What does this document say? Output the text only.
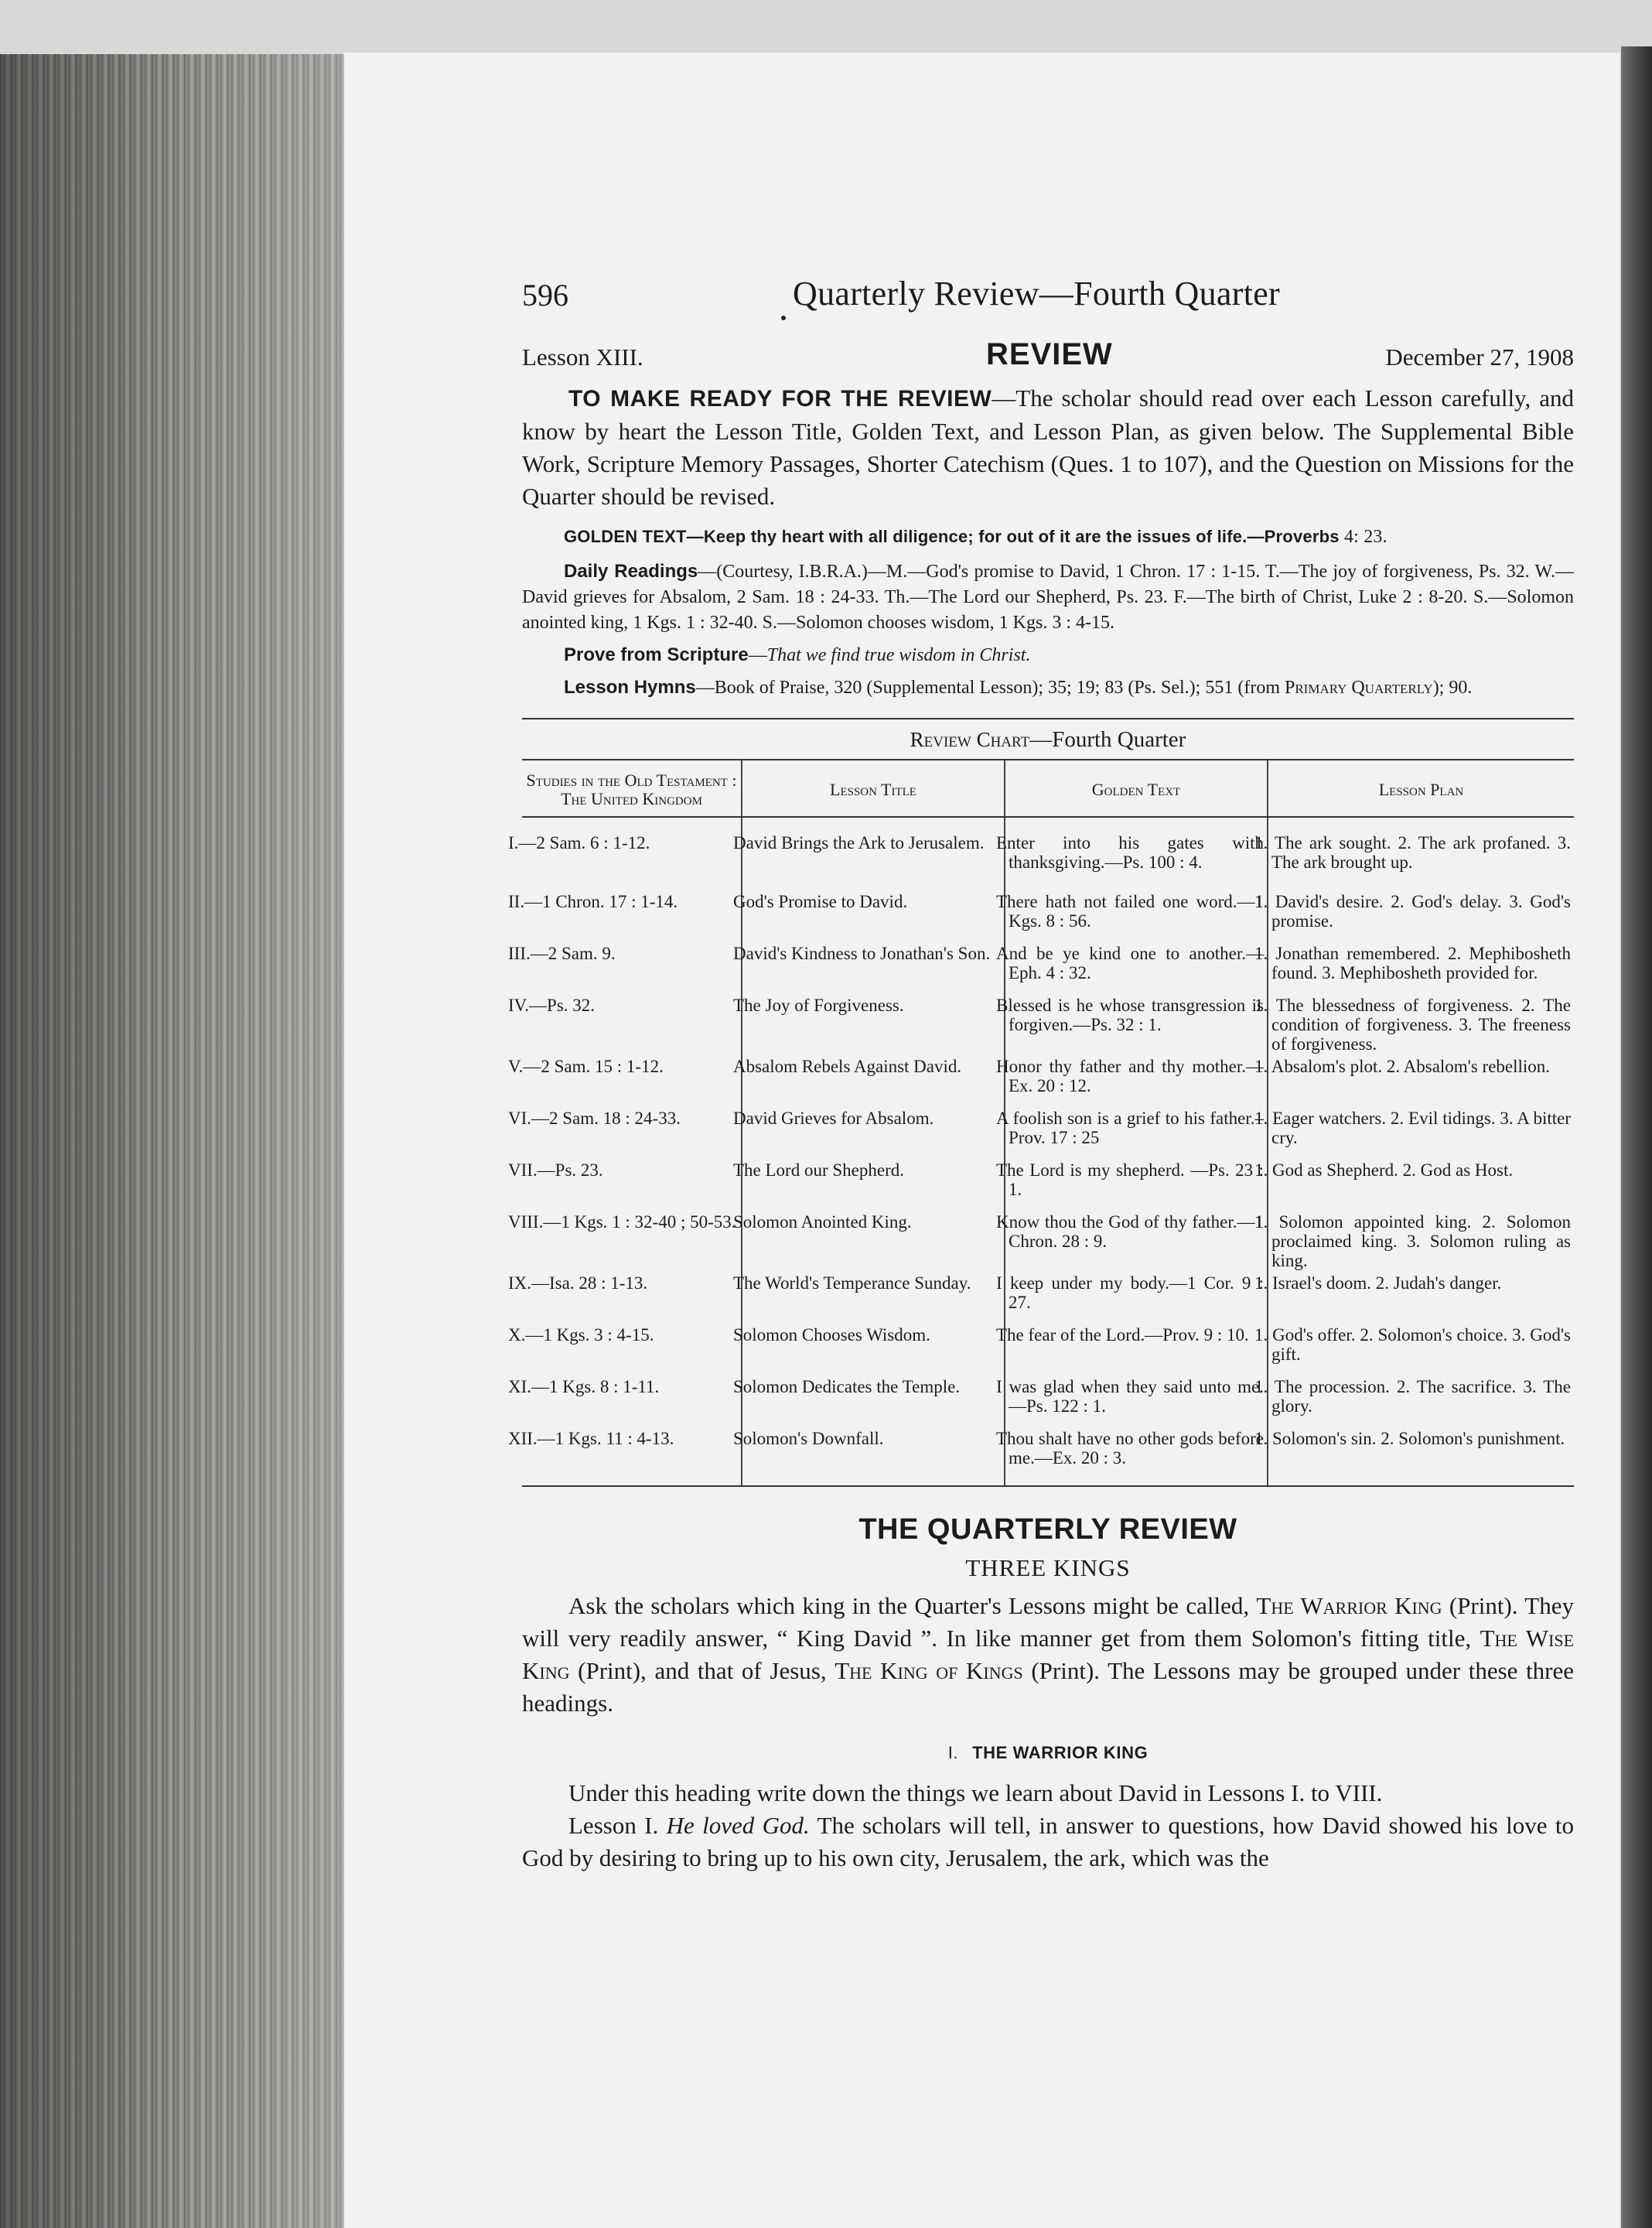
596	Quarterly Review—Fourth Quarter
Lesson XIII.	REVIEW	December 27, 1908

TO MAKE READY FOR THE REVIEW—The scholar should read over each Lesson carefully, and know by heart the Lesson Title, Golden Text, and Lesson Plan, as given below. The Supplemental Bible Work, Scripture Memory Passages, Shorter Catechism (Ques. 1 to 107), and the Question on Missions for the Quarter should be revised.

GOLDEN TEXT—Keep thy heart with all diligence; for out of it are the issues of life.—Proverbs 4: 23.

Daily Readings—(Courtesy, I.B.R.A.)—M.—God's promise to David, 1 Chron. 17 : 1-15. T.—The joy of forgiveness, Ps. 32. W.—David grieves for Absalom, 2 Sam. 18 : 24-33. Th.—The Lord our Shepherd, Ps. 23. F.—The birth of Christ, Luke 2 : 8-20. S.—Solomon anointed king, 1 Kgs. 1 : 32-40. S.—Solomon chooses wisdom, 1 Kgs. 3 : 4-15.

Prove from Scripture—That we find true wisdom in Christ.

Lesson Hymns—Book of Praise, 320 (Supplemental Lesson); 35; 19; 83 (Ps. Sel.); 551 (from Primary Quarterly); 90.

Review Chart—Fourth Quarter
Studies in the Old Testament : The United Kingdom	Lesson Title	Golden Text	Lesson Plan
I.—2 Sam. 6 : 1-12.	David Brings the Ark to Jerusalem.	Enter into his gates with thanksgiving.—Ps. 100 : 4.	1. The ark sought. 2. The ark profaned. 3. The ark brought up.
II.—1 Chron. 17 : 1-14.	God's Promise to David.	There hath not failed one word.—1 Kgs. 8 : 56.	1. David's desire. 2. God's delay. 3. God's promise.
III.—2 Sam. 9.	David's Kindness to Jonathan's Son.	And be ye kind one to another.—Eph. 4 : 32.	1. Jonathan remembered. 2. Mephibosheth found. 3. Mephibosheth provided for.
IV.—Ps. 32.	The Joy of Forgiveness.	Blessed is he whose transgression is forgiven.—Ps. 32 : 1.	1. The blessedness of forgiveness. 2. The condition of forgiveness. 3. The freeness of forgiveness.
V.—2 Sam. 15 : 1-12.	Absalom Rebels Against David.	Honor thy father and thy mother.—Ex. 20 : 12.	1. Absalom's plot. 2. Absalom's rebellion.
VI.—2 Sam. 18 : 24-33.	David Grieves for Absalom.	A foolish son is a grief to his father.–Prov. 17 : 25	1. Eager watchers. 2. Evil tidings. 3. A bitter cry.
VII.—Ps. 23.	The Lord our Shepherd.	The Lord is my shepherd. —Ps. 23 : 1.	1. God as Shepherd. 2. God as Host.
VIII.—1 Kgs. 1 : 32-40 ; 50-53.	Solomon Anointed King.	Know thou the God of thy father.—1 Chron. 28 : 9.	1. Solomon appointed king. 2. Solomon proclaimed king. 3. Solomon ruling as king.
IX.—Isa. 28 : 1-13.	The World's Temperance Sunday.	I keep under my body.—1 Cor. 9 : 27.	1. Israel's doom. 2. Judah's danger.
X.—1 Kgs. 3 : 4-15.	Solomon Chooses Wisdom.	The fear of the Lord.—Prov. 9 : 10.	1. God's offer. 2. Solomon's choice. 3. God's gift.
XI.—1 Kgs. 8 : 1-11.	Solomon Dedicates the Temple.	I was glad when they said unto me.—Ps. 122 : 1.	1. The procession. 2. The sacrifice. 3. The glory.
XII.—1 Kgs. 11 : 4-13.	Solomon's Downfall.	Thou shalt have no other gods before me.—Ex. 20 : 3.	1. Solomon's sin. 2. Solomon's punishment.
THE QUARTERLY REVIEW
THREE KINGS

Ask the scholars which king in the Quarter's Lessons might be called, The Warrior King (Print). They will very readily answer, “ King David ”. In like manner get from them Solomon's fitting title, The Wise King (Print), and that of Jesus, The King of Kings (Print). The Lessons may be grouped under these three headings.

I. THE WARRIOR KING

Under this heading write down the things we learn about David in Lessons I. to VIII.

Lesson I. He loved God. The scholars will tell, in answer to questions, how David showed his love to God by desiring to bring up to his own city, Jerusalem, the ark, which was the
